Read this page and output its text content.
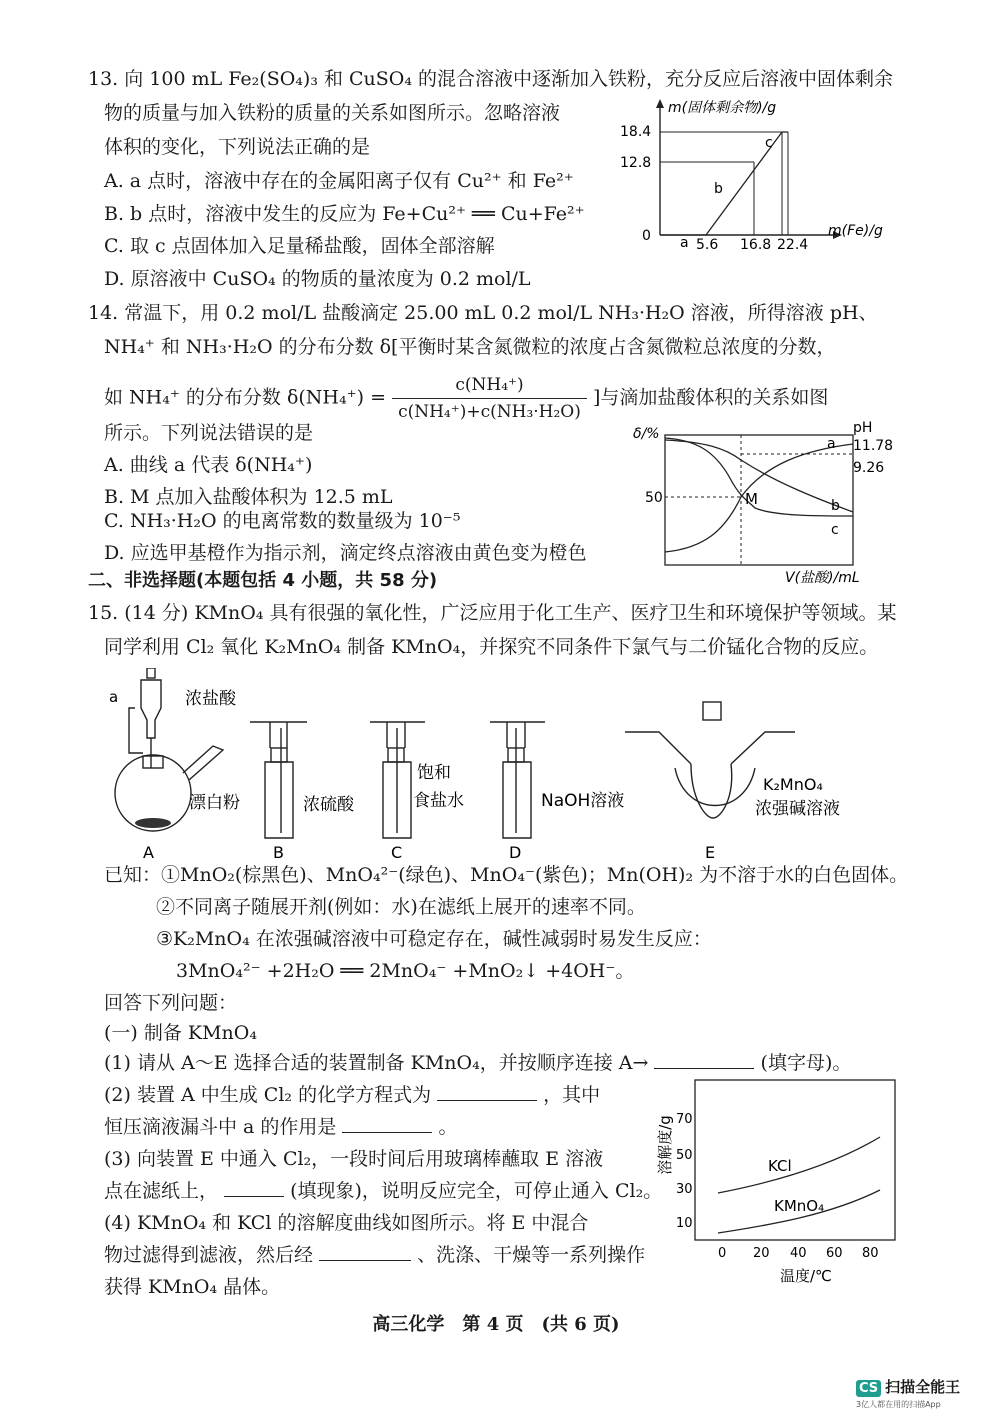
13. 向 100 mL Fe₂(SO₄)₃ 和 CuSO₄ 的混合溶液中逐渐加入铁粉，充分反应后溶液中固体剩余
物的质量与加入铁粉的质量的关系如图所示。忽略溶液
体积的变化，下列说法正确的是
A. a 点时，溶液中存在的金属阳离子仅有 Cu²⁺ 和 Fe²⁺
B. b 点时，溶液中发生的反应为 Fe+Cu²⁺ ══ Cu+Fe²⁺
C. 取 c 点固体加入足量稀盐酸，固体全部溶解
D. 原溶液中 CuSO₄ 的物质的量浓度为 0.2 mol/L
m(固体剩余物)/g
m(Fe)/g
0
18.4
12.8
a 5.6 16.8 22.4
b
c
14. 常温下，用 0.2 mol/L 盐酸滴定 25.00 mL 0.2 mol/L NH₃·H₂O 溶液，所得溶液 pH、
NH₄⁺ 和 NH₃·H₂O 的分布分数 δ[平衡时某含氮微粒的浓度占含氮微粒总浓度的分数，
如 NH₄⁺ 的分布分数 $\delta(NH_4^+) = \frac{\text{c(NH₄⁺)}}{\text{c(NH₄⁺)+c(NH₃·H₂O)}}$ ]与滴加盐酸体积的关系如图
所示。下列说法错误的是
A. 曲线 a 代表 δ(NH₄⁺)
B. M 点加入盐酸体积为 12.5 mL
C. NH₃·H₂O 的电离常数的数量级为 10⁻⁵
D. 应选甲基橙作为指示剂，滴定终点溶液由黄色变为橙色
δ/%	pH
11.78
9.26
50	M
a
b
c
V(盐酸)/mL
二、非选择题(本题包括 4 小题，共 58 分)
15. (14 分) KMnO₄ 具有很强的氧化性，广泛应用于化工生产、医疗卫生和环境保护等领域。某
同学利用 Cl₂ 氧化 K₂MnO₄ 制备 KMnO₄，并探究不同条件下氯气与二价锰化合物的反应。
a	浓盐酸
漂白粉	浓硫酸
饱和
食盐水	NaOH溶液
K₂MnO₄
浓强碱溶液
A	B	C	D	E
已知：①MnO₂(棕黑色)、MnO₄²⁻(绿色)、MnO₄⁻(紫色)；Mn(OH)₂ 为不溶于水的白色固体。
②不同离子随展开剂(例如：水)在滤纸上展开的速率不同。
③K₂MnO₄ 在浓强碱溶液中可稳定存在，碱性减弱时易发生反应：
3MnO₄²⁻ +2H₂O ══ 2MnO₄⁻ +MnO₂↓ +4OH⁻。
回答下列问题：
(一) 制备 KMnO₄
(1) 请从 A～E 选择合适的装置制备 KMnO₄，并按顺序连接 A→	(填字母)。
(2) 装置 A 中生成 Cl₂ 的化学方程式为	，其中
恒压滴液漏斗中 a 的作用是	。
(3) 向装置 E 中通入 Cl₂，一段时间后用玻璃棒蘸取 E 溶液
点在滤纸上，	(填现象)，说明反应完全，可停止通入 Cl₂。
(4) KMnO₄ 和 KCl 的溶解度曲线如图所示。将 E 中混合
物过滤得到滤液，然后经	、洗涤、干燥等一系列操作
获得 KMnO₄ 晶体。
溶解度/g 70
50
30
10
0 20 40 60 80
温度/℃
KCl
KMnO₄
高三化学　第 4 页　(共 6 页)
CS 扫描全能王
3亿人都在用的扫描App
